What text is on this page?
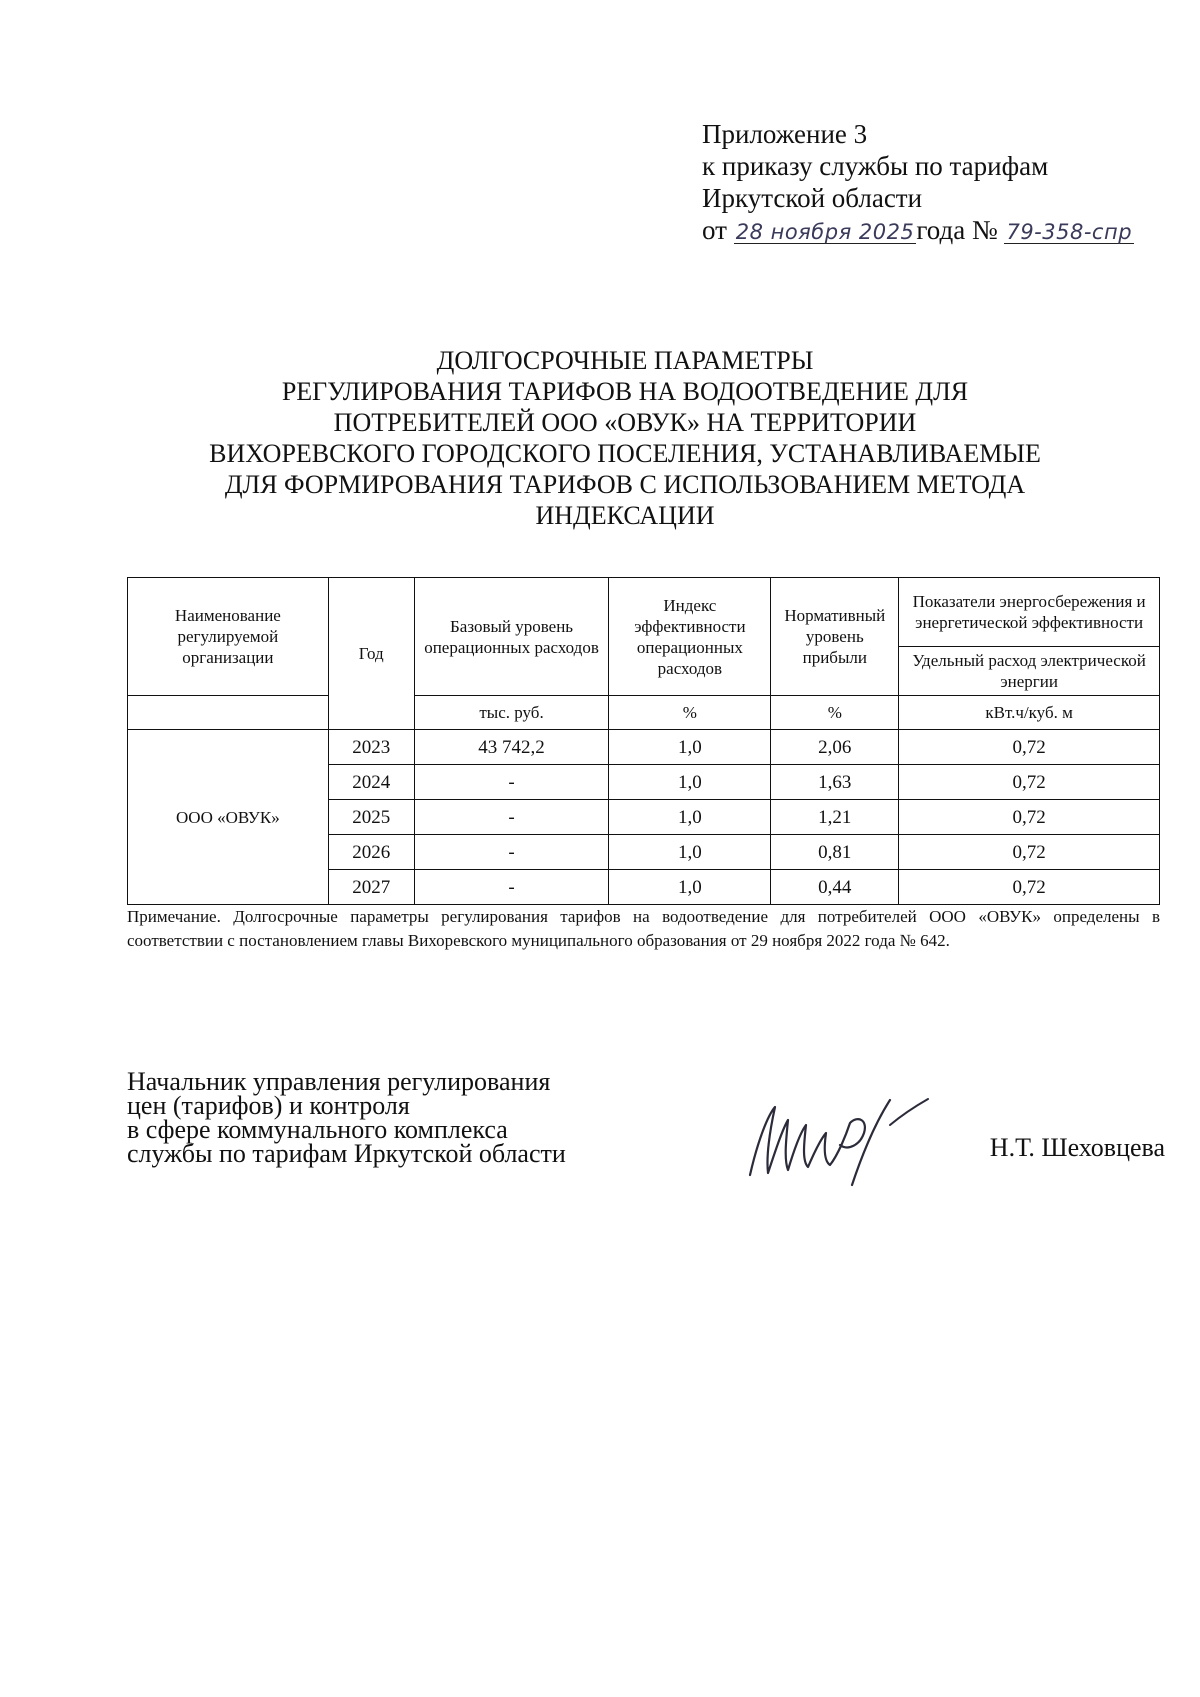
Приложение 3
к приказу службы по тарифам
Иркутской области
от 28 ноября 2025года № 79-358-спр
ДОЛГОСРОЧНЫЕ ПАРАМЕТРЫ
РЕГУЛИРОВАНИЯ ТАРИФОВ НА ВОДООТВЕДЕНИЕ ДЛЯ
ПОТРЕБИТЕЛЕЙ ООО «ОВУК» НА ТЕРРИТОРИИ
ВИХОРЕВСКОГО ГОРОДСКОГО ПОСЕЛЕНИЯ, УСТАНАВЛИВАЕМЫЕ
ДЛЯ ФОРМИРОВАНИЯ ТАРИФОВ С ИСПОЛЬЗОВАНИЕМ МЕТОДА
ИНДЕКСАЦИИ
Наименование регулируемой организации	Год	Базовый уровень операционных расходов	Индекс эффективности операционных расходов	Нормативный уровень прибыли	Показатели энергосбережения и энергетической эффективности
					Удельный расход электрической энергии
		тыс. руб.	%	%	кВт.ч/куб. м
ООО «ОВУК»	2023	43 742,2	1,0	2,06	0,72
	2024	-	1,0	1,63	0,72
	2025	-	1,0	1,21	0,72
	2026	-	1,0	0,81	0,72
	2027	-	1,0	0,44	0,72
Примечание. Долгосрочные параметры регулирования тарифов на водоотведение для потребителей ООО «ОВУК» определены в соответствии с постановлением главы Вихоревского муниципального образования от 29 ноября 2022 года № 642.
Начальник управления регулирования
цен (тарифов) и контроля
в сфере коммунального комплекса
службы по тарифам Иркутской области	Н.Т. Шеховцева
